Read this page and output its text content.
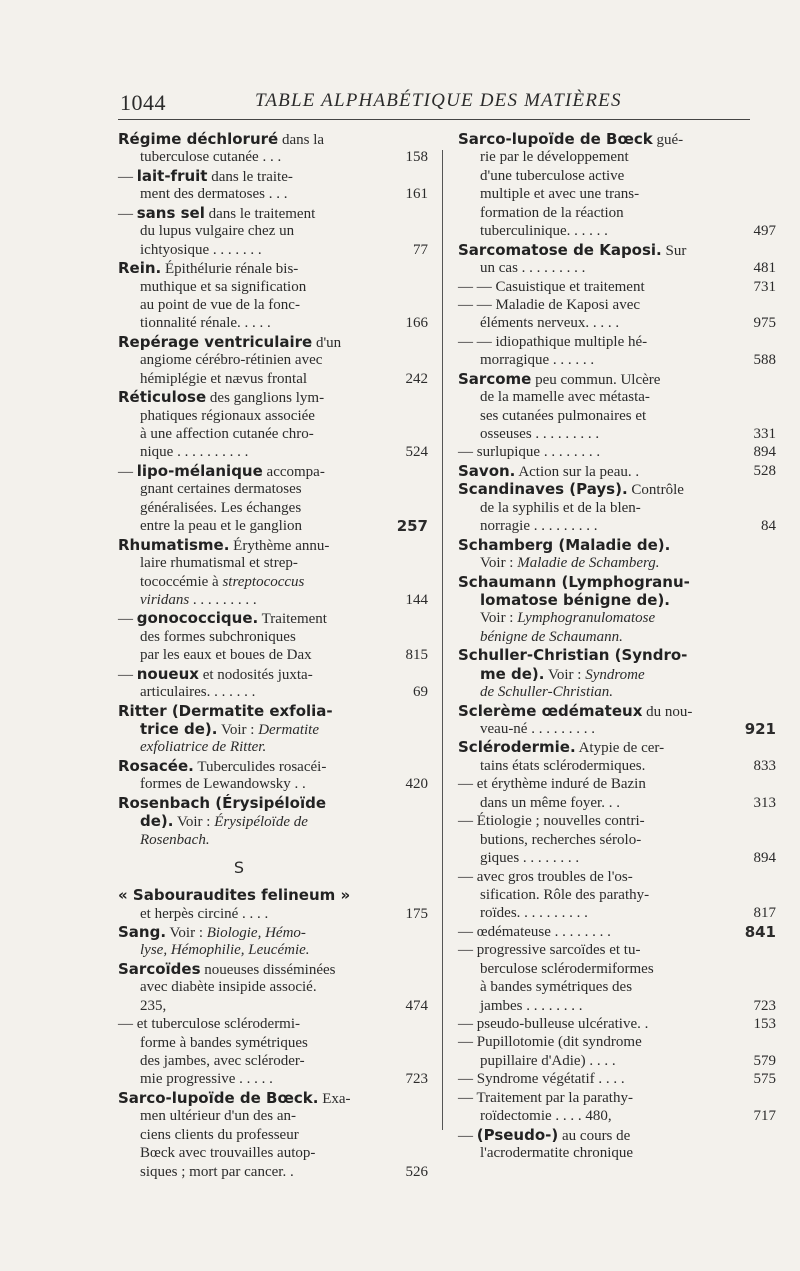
1044	TABLE ALPHABÉTIQUE DES MATIÈRES
Régime déchloruré dans la
tuberculose cutanée . . .	158
— lait-fruit dans le traite-
ment des dermatoses . . .	161
— sans sel dans le traitement
du lupus vulgaire chez un
ichtyosique . . . . . . .	77
Rein. Épithélurie rénale bis-
muthique et sa signification
au point de vue de la fonc-
tionnalité rénale. . . . .	166
Repérage ventriculaire d'un
angiome cérébro-rétinien avec
hémiplégie et nævus frontal	242
Réticulose des ganglions lym-
phatiques régionaux associée
à une affection cutanée chro-
nique . . . . . . . . . .	524
— lipo-mélanique accompa-
gnant certaines dermatoses
généralisées. Les échanges
entre la peau et le ganglion	257
Rhumatisme. Érythème annu-
laire rhumatismal et strep-
tococcémie à streptococcus
viridans . . . . . . . . .	144
— gonococcique. Traitement
des formes subchroniques
par les eaux et boues de Dax	815
— noueux et nodosités juxta-
articulaires. . . . . . .	69
Ritter (Dermatite exfolia-
trice de). Voir : Dermatite
exfoliatrice de Ritter.
Rosacée. Tuberculides rosacéi-
formes de Lewandowsky . .	420
Rosenbach (Érysipéloïde
de). Voir : Érysipéloïde de
Rosenbach.
S
« Sabouraudites felineum »
et herpès circiné . . . .	175
Sang. Voir : Biologie, Hémo-
lyse, Hémophilie, Leucémie.
Sarcoïdes noueuses disséminées
avec diabète insipide associé.
235,	474
— et tuberculose sclérodermi-
forme à bandes symétriques
des jambes, avec scléroder-
mie progressive . . . . .	723
Sarco-lupoïde de Bœck. Exa-
men ultérieur d'un des an-
ciens clients du professeur
Bœck avec trouvailles autop-
siques ; mort par cancer. .	526
Sarco-lupoïde de Bœck gué-
rie par le développement
d'une tuberculose active
multiple et avec une trans-
formation de la réaction
tuberculinique. . . . . .	497
Sarcomatose de Kaposi. Sur
un cas . . . . . . . . .	481
— — Casuistique et traitement	731
— — Maladie de Kaposi avec
éléments nerveux. . . . .	975
— — idiopathique multiple hé-
morragique . . . . . .	588
Sarcome peu commun. Ulcère
de la mamelle avec métasta-
ses cutanées pulmonaires et
osseuses . . . . . . . . .	331
— surlupique . . . . . . . .	894
Savon. Action sur la peau. .	528
Scandinaves (Pays). Contrôle
de la syphilis et de la blen-
norragie . . . . . . . . .	84
Schamberg (Maladie de).
Voir : Maladie de Schamberg.
Schaumann (Lymphogranu-
lomatose bénigne de).
Voir : Lymphogranulomatose
bénigne de Schaumann.
Schuller-Christian (Syndro-
me de). Voir : Syndrome
de Schuller-Christian.
Sclerème œdémateux du nou-
veau-né . . . . . . . . .	921
Sclérodermie. Atypie de cer-
tains états sclérodermiques.	833
— et érythème induré de Bazin
dans un même foyer. . .	313
— Étiologie ; nouvelles contri-
butions, recherches sérolo-
giques . . . . . . . .	894
— avec gros troubles de l'os-
sification. Rôle des parathy-
roïdes. . . . . . . . . .	817
— œdémateuse . . . . . . . .	841
— progressive sarcoïdes et tu-
berculose sclérodermiformes
à bandes symétriques des
jambes . . . . . . . .	723
— pseudo-bulleuse ulcérative. .	153
— Pupillotomie (dit syndrome
pupillaire d'Adie) . . . .	579
— Syndrome végétatif . . . .	575
— Traitement par la parathy-
roïdectomie . . . . 480,	717
— (Pseudo-) au cours de
l'acrodermatite chronique
